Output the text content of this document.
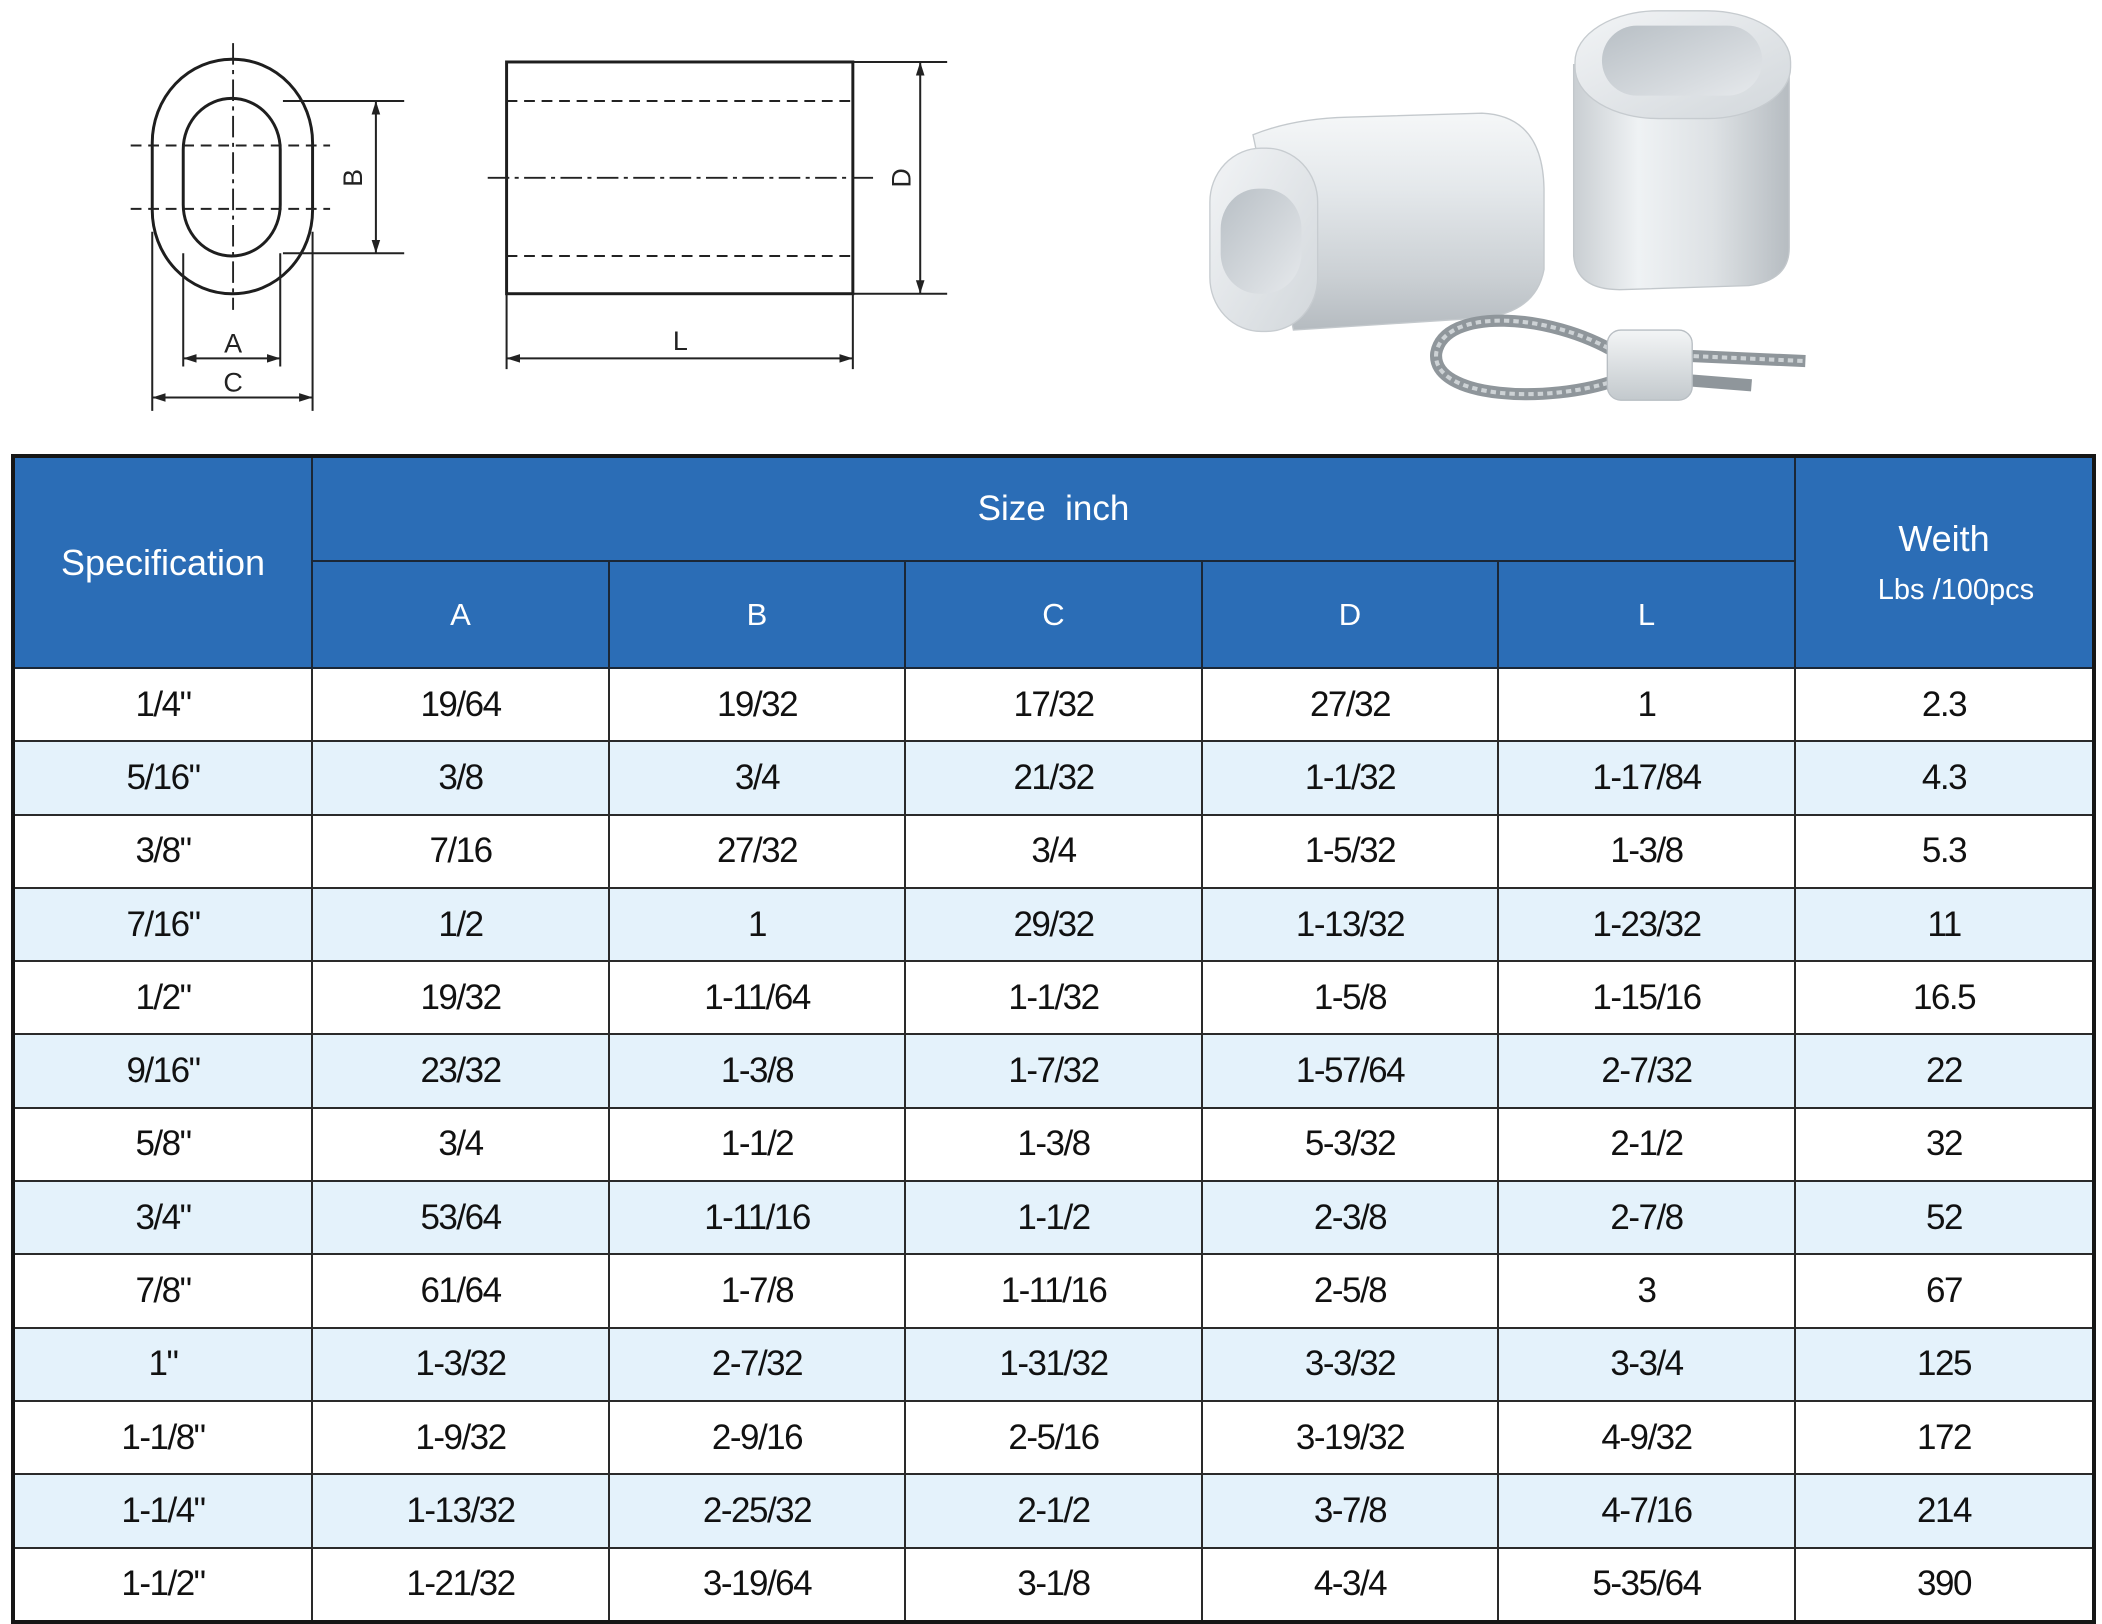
B
A
C
D
L
Specification	Size  inch					Weith
Lbs /100pcs

	A	B	C	D	L	
1/4"	19/64	19/32	17/32	27/32	1	2.3
5/16"	3/8	3/4	21/32	1-1/32	1-17/84	4.3
3/8"	7/16	27/32	3/4	1-5/32	1-3/8	5.3
7/16"	1/2	1	29/32	1-13/32	1-23/32	11
1/2"	19/32	1-11/64	1-1/32	1-5/8	1-15/16	16.5
9/16"	23/32	1-3/8	1-7/32	1-57/64	2-7/32	22
5/8"	3/4	1-1/2	1-3/8	5-3/32	2-1/2	32
3/4"	53/64	1-11/16	1-1/2	2-3/8	2-7/8	52
7/8"	61/64	1-7/8	1-11/16	2-5/8	3	67
1"	1-3/32	2-7/32	1-31/32	3-3/32	3-3/4	125
1-1/8"	1-9/32	2-9/16	2-5/16	3-19/32	4-9/32	172
1-1/4"	1-13/32	2-25/32	2-1/2	3-7/8	4-7/16	214
1-1/2"	1-21/32	3-19/64	3-1/8	4-3/4	5-35/64	390
